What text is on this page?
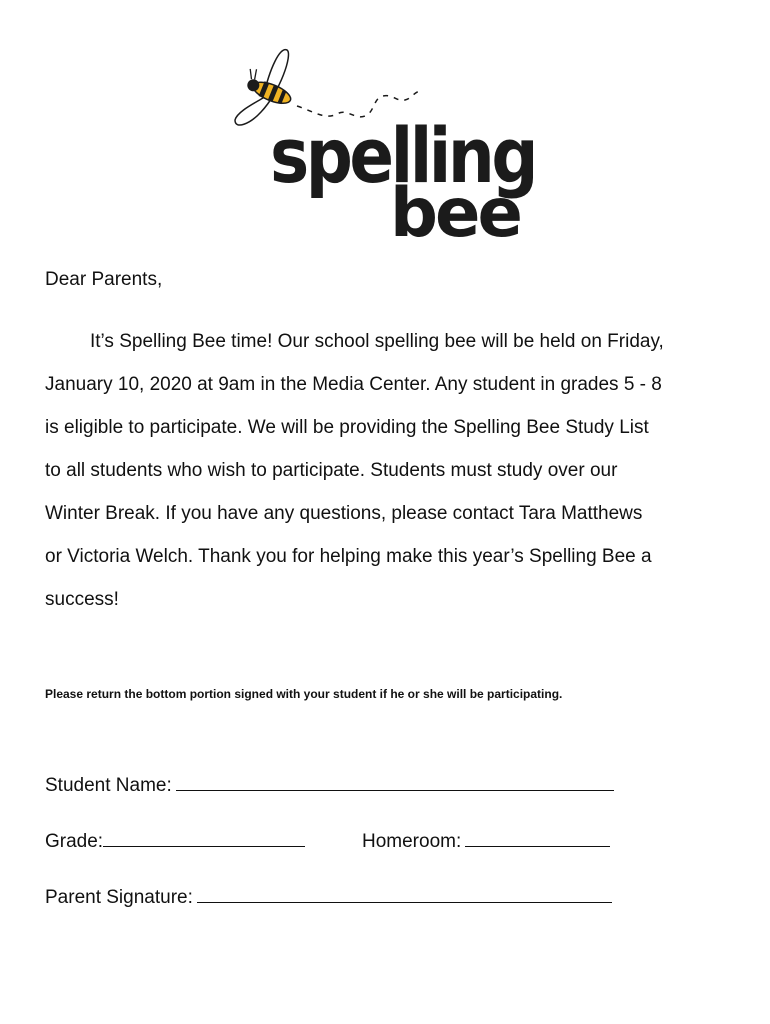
spelling
bee
Dear Parents,
It’s Spelling Bee time! Our school spelling bee will be held on Friday,
January 10, 2020 at 9am in the Media Center. Any student in grades 5 - 8
is eligible to participate. We will be providing the Spelling Bee Study List
to all students who wish to participate. Students must study over our
Winter Break. If you have any questions, please contact Tara Matthews
or Victoria Welch. Thank you for helping make this year’s Spelling Bee a
success!
Please return the bottom portion signed with your student if he or she will be participating.
Student Name:
Grade:	Homeroom:
Parent Signature:
